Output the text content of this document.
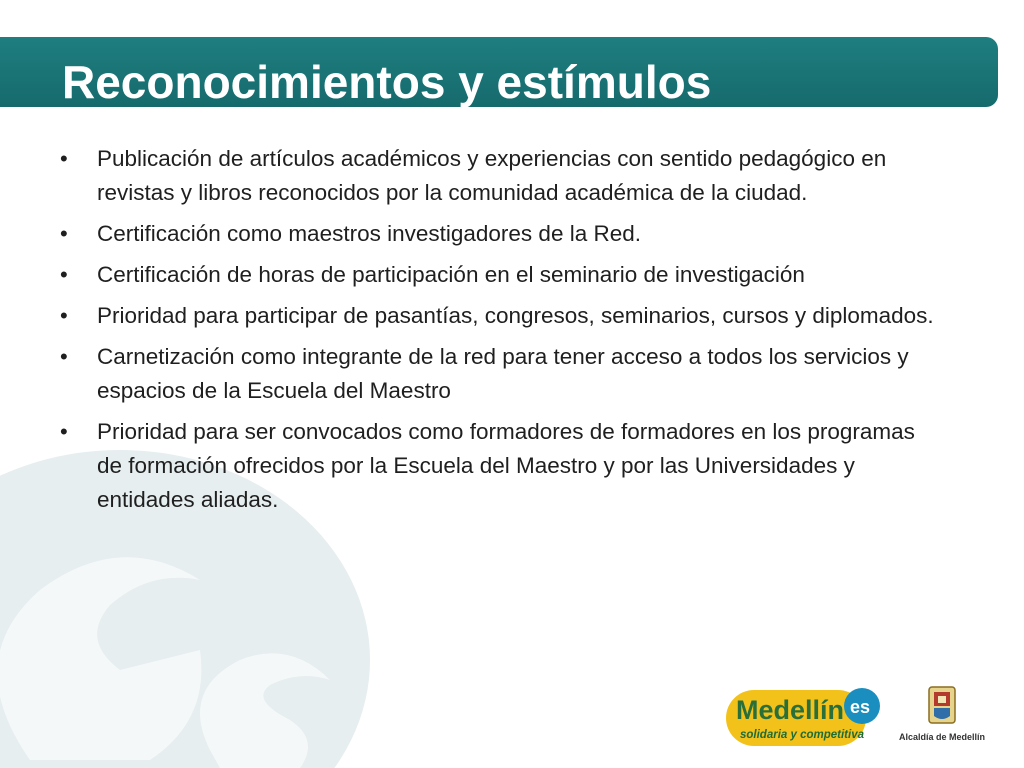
Reconocimientos y estímulos
• Publicación de artículos académicos y experiencias con sentido pedagógico en revistas y libros reconocidos por la comunidad académica de la ciudad.
• Certificación como maestros investigadores de la Red.
• Certificación de horas de participación en el seminario de investigación
• Prioridad para participar de pasantías, congresos, seminarios, cursos y diplomados.
• Carnetización como integrante de la red para tener acceso a todos los servicios y espacios de la Escuela del Maestro
• Prioridad para ser convocados como formadores de formadores en los programas de formación ofrecidos por la Escuela del Maestro y por las Universidades y entidades aliadas.
Medellín es
solidaria y competitiva	Alcaldía de Medellín
